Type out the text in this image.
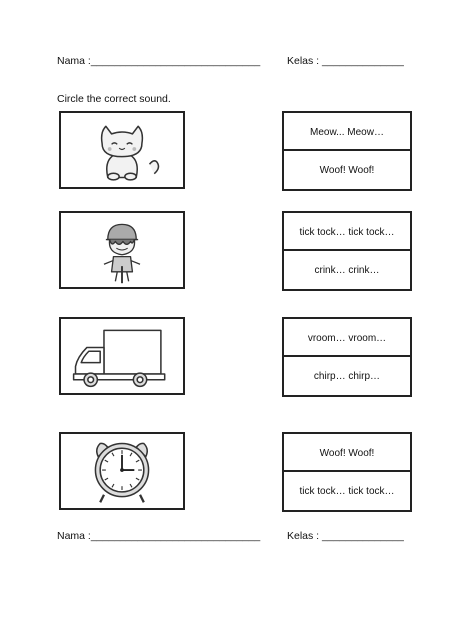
Nama :_____________________________	Kelas : ______________
Circle the correct sound.
Meow... Meow…
Woof! Woof!
tick tock… tick tock…
crink… crink…
vroom… vroom…
chirp… chirp…
Woof! Woof!
tick tock… tick tock…
Nama :_____________________________	Kelas : ______________
